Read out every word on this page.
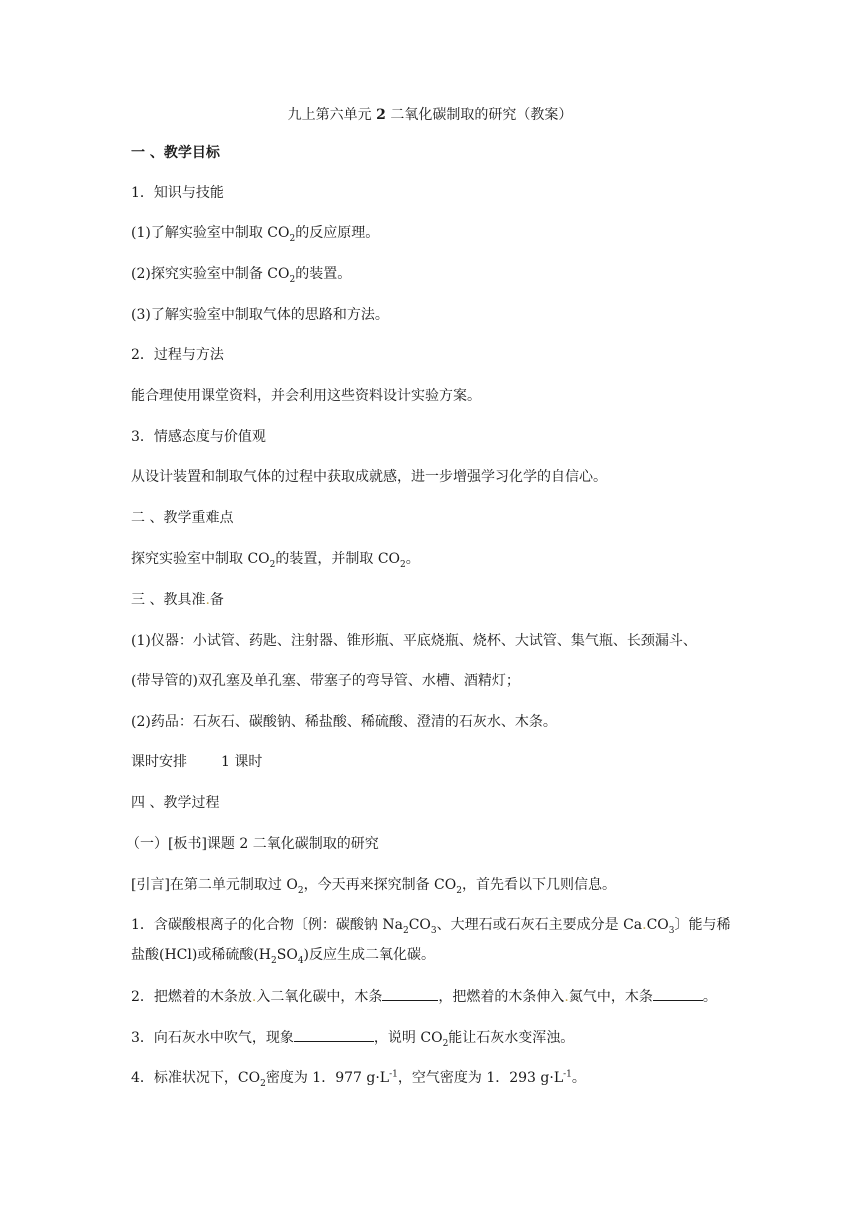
九上第六单元 2 二氧化碳制取的研究（教案）
一 、教学目标
1．知识与技能
(1)了解实验室中制取 $CO_2$的反应原理。
(2)探究实验室中制备 $CO_2$的装置。
(3)了解实验室中制取气体的思路和方法。
2．过程与方法
能合理使用课堂资料，并会利用这些资料设计实验方案。
3．情感态度与价值观
从设计装置和制取气体的过程中获取成就感，进一步增强学习化学的自信心。
二 、教学重难点
探究实验室中制取 $CO_2$的装置，并制取 $CO_2$。
三 、教具准.备
(1)仪器：小试管、药匙、注射器、锥形瓶、平底烧瓶、烧杯、大试管、集气瓶、长颈漏斗、
(带导管的)双孔塞及单孔塞、带塞子的弯导管、水槽、酒精灯；
(2)药品：石灰石、碳酸钠、稀盐酸、稀硫酸、澄清的石灰水、木条。
课时安排 1 课时
四 、教学过程
（一）[板书]课题 2 二氧化碳制取的研究
[引言]在第二单元制取过 $O_2$，今天再来探究制备 $CO_2$，首先看以下几则信息。
1．含碳酸根离子的化合物〔例：碳酸钠 $Na_2CO_3$、大理石或石灰石主要成分是 $Ca.CO_3$〕能与稀
盐酸(HCl)或稀硫酸$(H_2SO_4)$反应生成二氧化碳。
2．把燃着的木条放.入二氧化碳中，木条	，把燃着的木条伸入.氮气中，木条	。
3．向石灰水中吹气，现象	，说明 $CO_2$能让石灰水变浑浊。
4．标准状况下，$CO_2$密度为 1．977 $g\cdot L^{-1}$，空气密度为 1．293 $g\cdot L^{-1}$。
